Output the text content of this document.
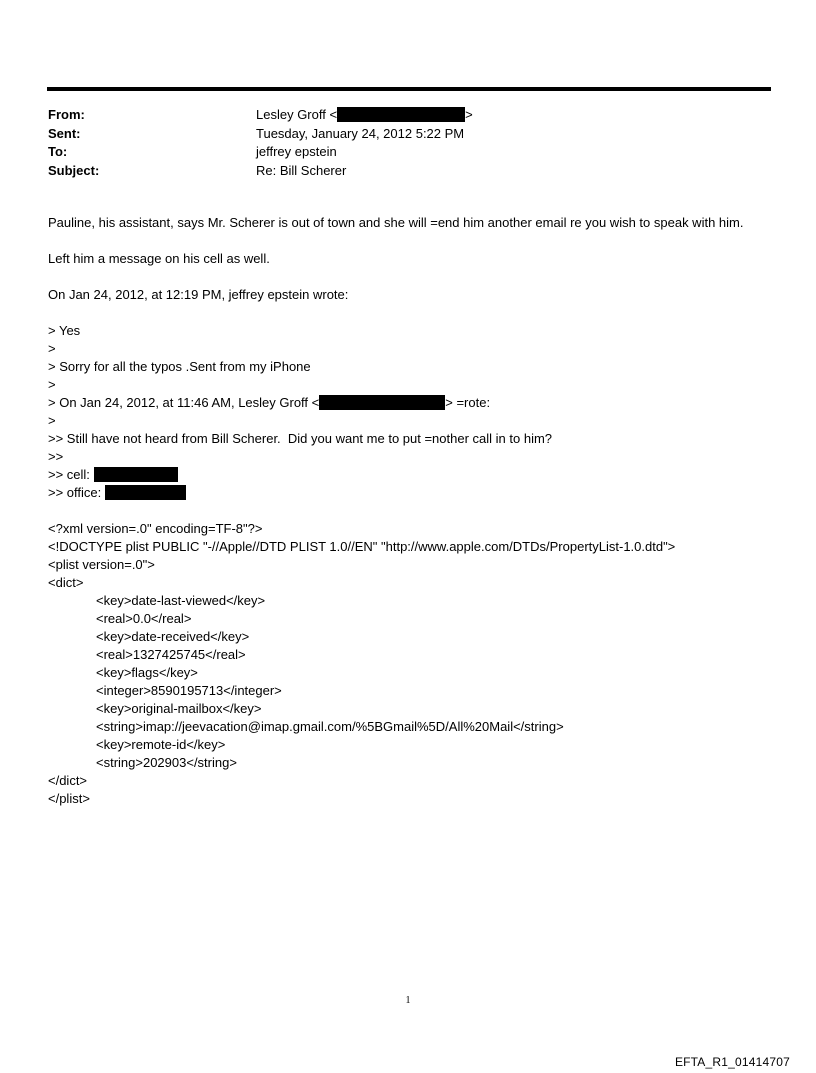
From:	Lesley Groff <	>
Sent:	Tuesday, January 24, 2012 5:22 PM
To:	jeffrey epstein
Subject:	Re: Bill Scherer
Pauline, his assistant, says Mr. Scherer is out of town and she will =end him another email re you wish to speak with him.
Left him a message on his cell as well.
On Jan 24, 2012, at 12:19 PM, jeffrey epstein wrote:
> Yes
>
> Sorry for all the typos .Sent from my iPhone
>
> On Jan 24, 2012, at 11:46 AM, Lesley Groff <	> =rote:
>
>> Still have not heard from Bill Scherer.  Did you want me to put =nother call in to him?
>>
>> cell:
>> office:
<?xml version=.0" encoding=TF-8"?>
<!DOCTYPE plist PUBLIC "-//Apple//DTD PLIST 1.0//EN" "http://www.apple.com/DTDs/PropertyList-1.0.dtd">
<plist version=.0">
<dict>
<key>date-last-viewed</key>
<real>0.0</real>
<key>date-received</key>
<real>1327425745</real>
<key>flags</key>
<integer>8590195713</integer>
<key>original-mailbox</key>
<string>imap://jeevacation@imap.gmail.com/%5BGmail%5D/All%20Mail</string>
<key>remote-id</key>
<string>202903</string>
</dict>
</plist>
1
EFTA_R1_01414707
